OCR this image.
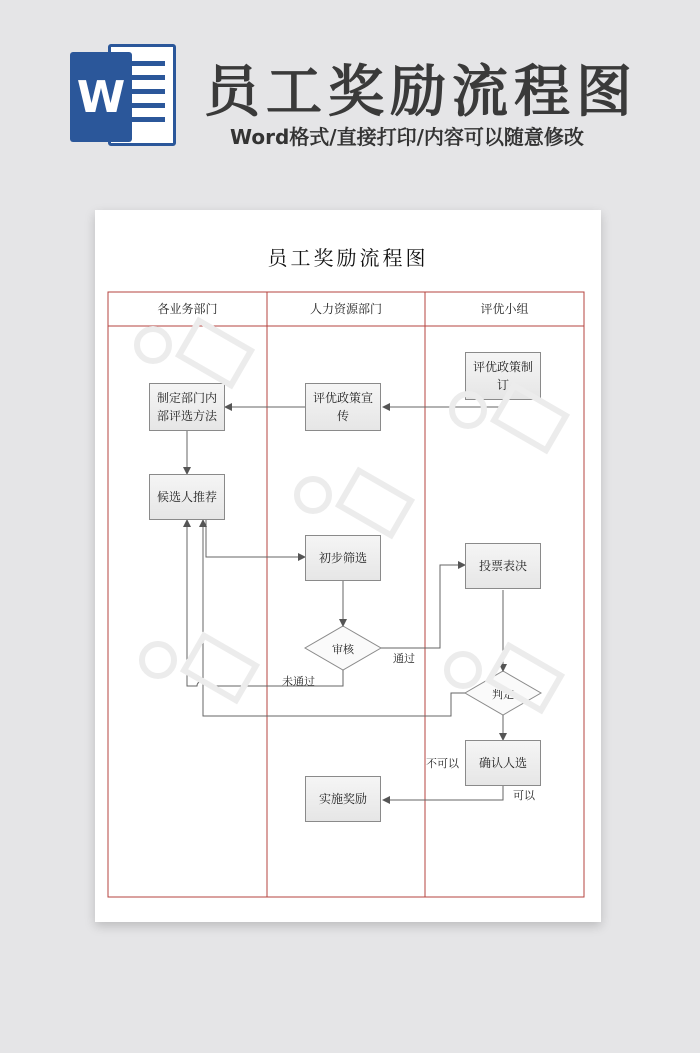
W 员工奖励流程图
Word格式/直接打印/内容可以随意修改
员工奖励流程图
各业务部门	人力资源部门	评优小组
评优政策制订
评优政策宣传
制定部门内部评选方法
候选人推荐
初步筛选
投票表决
确认人选
实施奖励
审核
判定
通过
未通过
不可以
可以
